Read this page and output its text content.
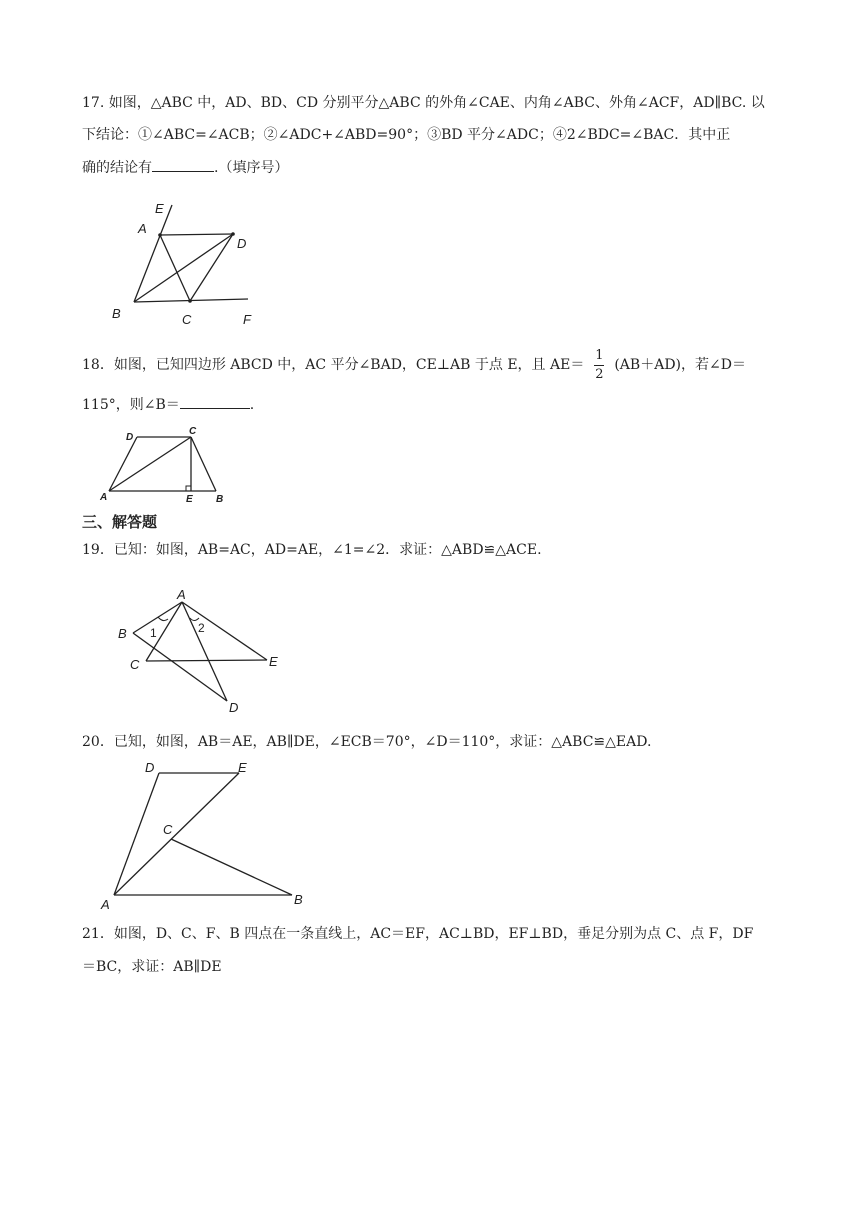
17. 如图，△ABC 中，AD、BD、CD 分别平分△ABC 的外角∠CAE、内角∠ABC、外角∠ACF，AD∥BC. 以
下结论：①∠ABC=∠ACB；②∠ADC+∠ABD=90°；③BD 平分∠ADC；④2∠BDC=∠BAC．其中正
确的结论有	.（填序号）
E
A
D
B	C	F
18．如图，已知四边形 ABCD 中，AC 平分∠BAD，CE⊥AB 于点 E，且 $AE= \frac{1}{2} (AB+AD)$，若∠D＝
115°，则∠B＝	.
D
C
A	E B
三、解答题
19．已知：如图，AB=AC，AD=AE，∠1=∠2．求证：△ABD≌△ACE.
A
B
C
D
E
1	2
20．已知，如图，AB＝AE，AB∥DE，∠ECB＝70°，∠D＝110°，求证：△ABC≌△EAD.
D	E
C
A	B
21．如图，D、C、F、B 四点在一条直线上，AC＝EF，AC⊥BD，EF⊥BD，垂足分别为点 C、点 F，DF
＝BC，求证：AB∥DE
